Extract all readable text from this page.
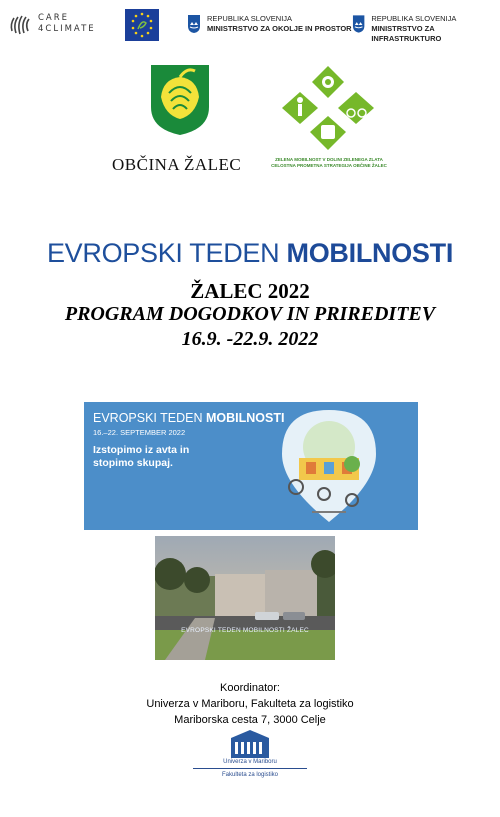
CARE
4CLIMATE
REPUBLIKA SLOVENIJA
MINISTRSTVO ZA OKOLJE IN PROSTOR
REPUBLIKA SLOVENIJA
MINISTRSTVO ZA INFRASTRUKTURO
OBČINA ŽALEC	ZELENA MOBILNOST V DOLINI ZELENEGA ZLATA
CELOSTNA PROMETNA STRATEGIJA OBČINE ŽALEC
EVROPSKI TEDEN MOBILNOSTI
ŽALEC 2022
PROGRAM DOGODKOV IN PRIREDITEV
16.9. -22.9. 2022
EVROPSKI TEDEN MOBILNOSTI
16.–22. SEPTEMBER 2022
Izstopimo iz avta in stopimo skupaj.
EVROPSKI TEDEN MOBILNOSTI ŽALEC
Koordinator:
Univerza v Mariboru, Fakulteta za logistiko
Mariborska cesta 7, 3000 Celje
Univerza v Mariboru
Fakulteta za logistiko
